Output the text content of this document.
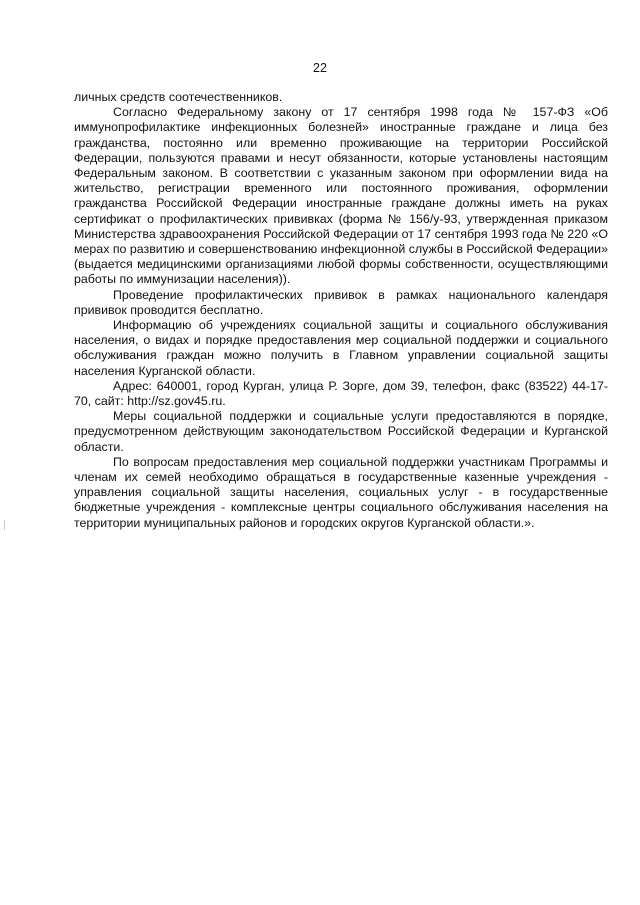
22

личных средств соотечественников.

Согласно Федеральному закону от 17 сентября 1998 года № 157-ФЗ «Об иммунопрофилактике инфекционных болезней» иностранные граждане и лица без гражданства, постоянно или временно проживающие на территории Российской Федерации, пользуются правами и несут обязанности, которые установлены настоящим Федеральным законом. В соответствии с указанным законом при оформлении вида на жительство, регистрации временного или постоянного проживания, оформлении гражданства Российской Федерации иностранные граждане должны иметь на руках сертификат о профилактических прививках (форма № 156/у-93, утвержденная приказом Министерства здравоохранения Российской Федерации от 17 сентября 1993 года № 220 «О мерах по развитию и совершенствованию инфекционной службы в Российской Федерации» (выдается медицинскими организациями любой формы собственности, осуществляющими работы по иммунизации населения)).

Проведение профилактических прививок в рамках национального календаря прививок проводится бесплатно.

Информацию об учреждениях социальной защиты и социального обслуживания населения, о видах и порядке предоставления мер социальной поддержки и социального обслуживания граждан можно получить в Главном управлении социальной защиты населения Курганской области.

Адрес: 640001, город Курган, улица Р. Зорге, дом 39, телефон, факс (83522) 44-17-70, сайт: http://sz.gov45.ru.

Меры социальной поддержки и социальные услуги предоставляются в порядке, предусмотренном действующим законодательством Российской Федерации и Курганской области.

По вопросам предоставления мер социальной поддержки участникам Программы и членам их семей необходимо обращаться в государственные казенные учреждения - управления социальной защиты населения, социальных услуг - в государственные бюджетные учреждения - комплексные центры социального обслуживания населения на территории муниципальных районов и городских округов Курганской области.».
